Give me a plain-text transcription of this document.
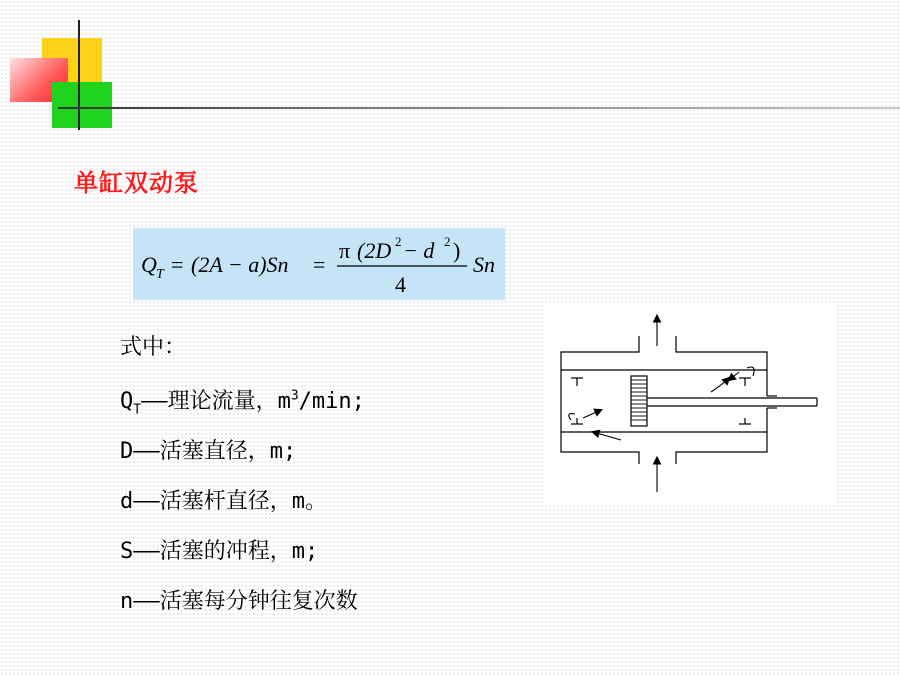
单缸双动泵
Q T = (2A − a)Sn =
π (2D 2 − d 2 )
4
Sn
式中：
$Q_T——$理论流量，$m^3/\min$;
D——活塞直径，m;
d——活塞杆直径，m。
S——活塞的冲程，m;
n——活塞每分钟往复次数
